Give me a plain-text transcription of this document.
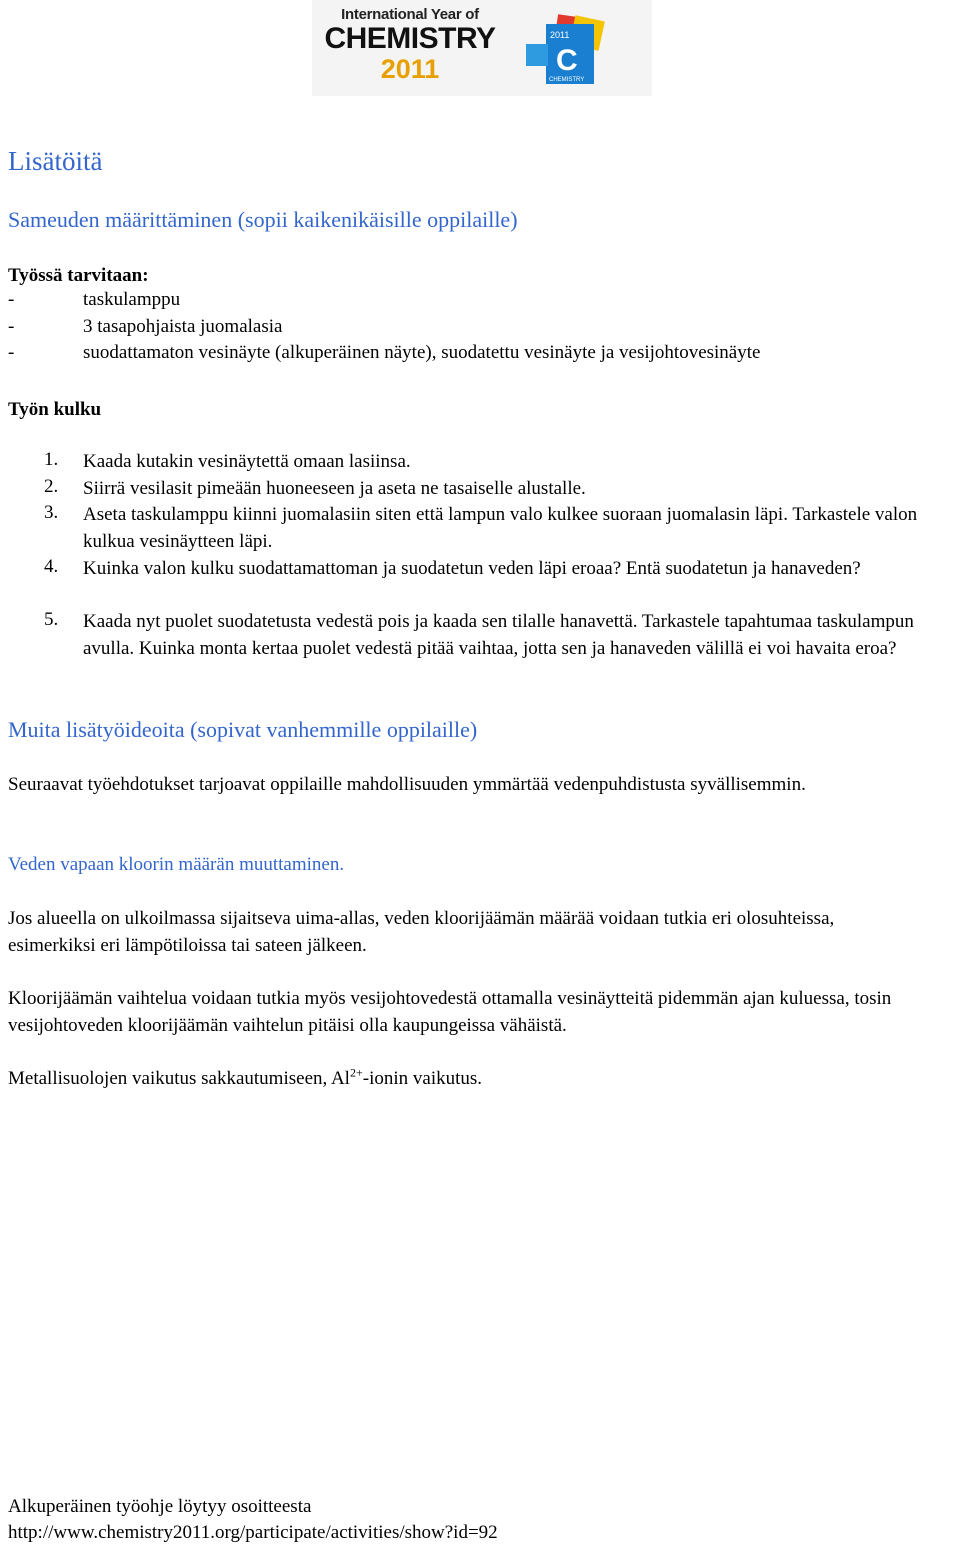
International Year of
CHEMISTRY
2011
2011
C
CHEMISTRY
Lisätöitä
Sameuden määrittäminen (sopii kaikenikäisille oppilaille)
Työssä tarvitaan:
-	taskulamppu
-	3 tasapohjaista juomalasia
-	suodattamaton vesinäyte (alkuperäinen näyte), suodatettu vesinäyte ja vesijohtovesinäyte
Työn kulku
1. Kaada kutakin vesinäytettä omaan lasiinsa.
2. Siirrä vesilasit pimeään huoneeseen ja aseta ne tasaiselle alustalle.
3. Aseta taskulamppu kiinni juomalasiin siten että lampun valo kulkee suoraan juomalasin läpi. Tarkastele valon kulkua vesinäytteen läpi.
4. Kuinka valon kulku suodattamattoman ja suodatetun veden läpi eroaa? Entä suodatetun ja hanaveden?
5. Kaada nyt puolet suodatetusta vedestä pois ja kaada sen tilalle hanavettä. Tarkastele tapahtumaa taskulampun avulla. Kuinka monta kertaa puolet vedestä pitää vaihtaa, jotta sen ja hanaveden välillä ei voi havaita eroa?
Muita lisätyöideoita (sopivat vanhemmille oppilaille)
Seuraavat työehdotukset tarjoavat oppilaille mahdollisuuden ymmärtää vedenpuhdistusta syvällisemmin.
Veden vapaan kloorin määrän muuttaminen.
Jos alueella on ulkoilmassa sijaitseva uima-allas, veden kloorijäämän määrää voidaan tutkia eri olosuhteissa, esimerkiksi eri lämpötiloissa tai sateen jälkeen.
Kloorijäämän vaihtelua voidaan tutkia myös vesijohtovedestä ottamalla vesinäytteitä pidemmän ajan kuluessa, tosin vesijohtoveden kloorijäämän vaihtelun pitäisi olla kaupungeissa vähäistä.
Metallisuolojen vaikutus sakkautumiseen, $Al^{2+}$-ionin vaikutus.
Alkuperäinen työohje löytyy osoitteesta
http://www.chemistry2011.org/participate/activities/show?id=92
